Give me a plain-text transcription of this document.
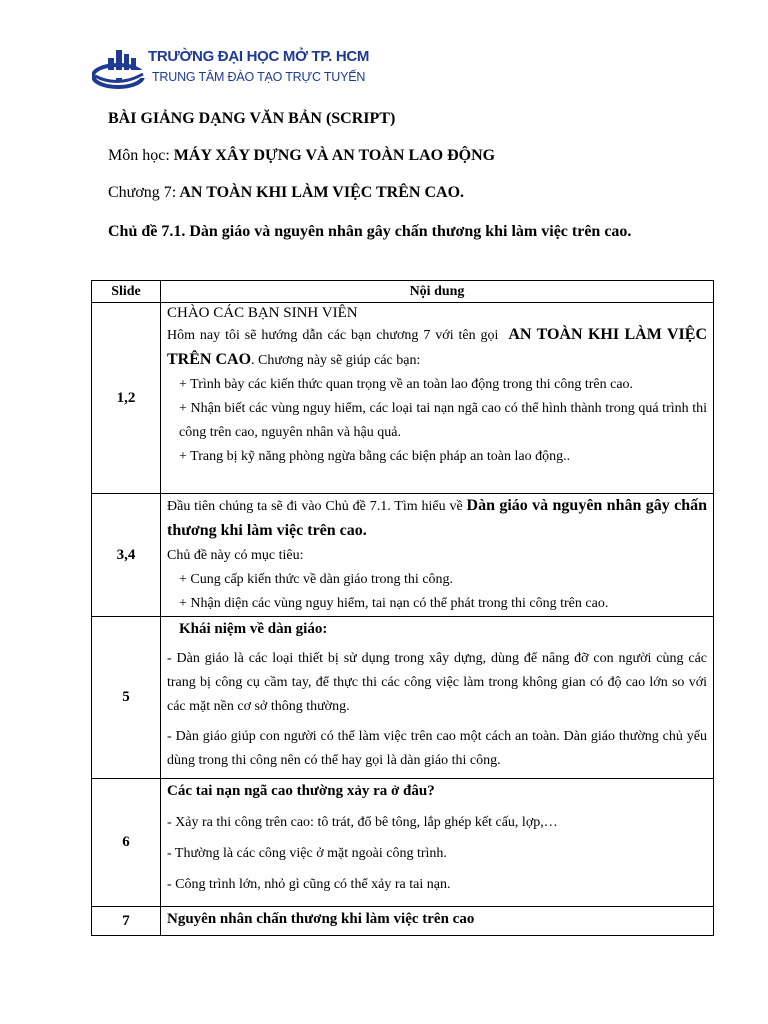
TRƯỜNG ĐẠI HỌC MỞ TP. HCM
TRUNG TÂM ĐÀO TẠO TRỰC TUYẾN
BÀI GIẢNG DẠNG VĂN BẢN (SCRIPT)
Môn học: MÁY XÂY DỰNG VÀ AN TOÀN LAO ĐỘNG
Chương 7: AN TOÀN KHI LÀM VIỆC TRÊN CAO.
Chủ đề 7.1. Dàn giáo và nguyên nhân gây chấn thương khi làm việc trên cao.
Slide	Nội dung
1,2	CHÀO CÁC BẠN SINH VIÊN
Hôm nay tôi sẽ hướng dẫn các bạn chương 7 với tên gọi AN TOÀN KHI LÀM VIỆC TRÊN CAO. Chương này sẽ giúp các bạn:
+ Trình bày các kiến thức quan trọng về an toàn lao động trong thi công trên cao.
+ Nhận biết các vùng nguy hiểm, các loại tai nạn ngã cao có thể hình thành trong quá trình thi công trên cao, nguyên nhân và hậu quả.
+ Trang bị kỹ năng phòng ngừa bằng các biện pháp an toàn lao động..

3,4	Đầu tiên chúng ta sẽ đi vào Chủ đề 7.1. Tìm hiểu về Dàn giáo và nguyên nhân gây chấn thương khi làm việc trên cao.
Chủ đề này có mục tiêu:
+ Cung cấp kiến thức về dàn giáo trong thi công.
+ Nhận diện các vùng nguy hiểm, tai nạn có thể phát trong thi công trên cao.

5	Khái niệm về dàn giáo:

- Dàn giáo là các loại thiết bị sử dụng trong xây dựng, dùng để nâng đỡ con người cùng các trang bị công cụ cầm tay, để thực thi các công việc làm trong không gian có độ cao lớn so với các mặt nền cơ sở thông thường.

- Dàn giáo giúp con người có thể làm việc trên cao một cách an toàn. Dàn giáo thường chủ yếu dùng trong thi công nên có thể hay gọi là dàn giáo thi công.

6	Các tai nạn ngã cao thường xảy ra ở đâu?

- Xảy ra thi công trên cao: tô trát, đổ bê tông, lắp ghép kết cấu, lợp,…

- Thường là các công việc ở mặt ngoài công trình.

- Công trình lớn, nhỏ gì cũng có thể xảy ra tai nạn.

7	Nguyên nhân chấn thương khi làm việc trên cao
